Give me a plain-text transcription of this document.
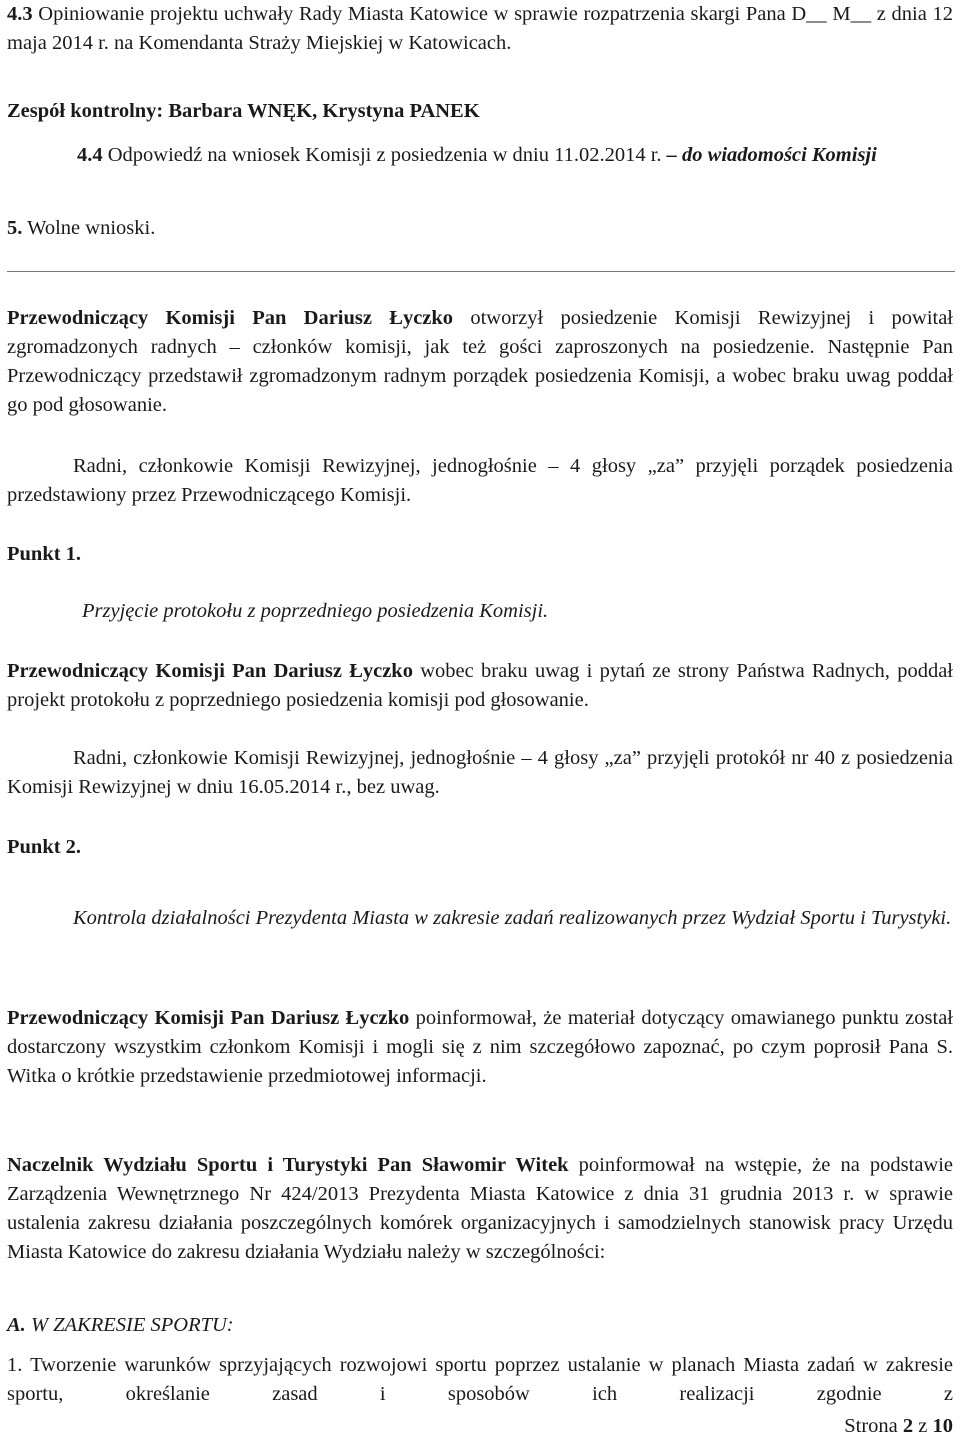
4.3 Opiniowanie projektu uchwały Rady Miasta Katowice w sprawie rozpatrzenia skargi Pana D__ M__ z dnia 12 maja 2014 r. na Komendanta Straży Miejskiej w Katowicach.
Zespół kontrolny: Barbara WNĘK, Krystyna PANEK
4.4 Odpowiedź na wniosek Komisji z posiedzenia w dniu 11.02.2014 r. – do wiadomości Komisji
5. Wolne wnioski.
Przewodniczący Komisji Pan Dariusz Łyczko otworzył posiedzenie Komisji Rewizyjnej i powitał zgromadzonych radnych – członków komisji, jak też gości zaproszonych na posiedzenie. Następnie Pan Przewodniczący przedstawił zgromadzonym radnym porządek posiedzenia Komisji, a wobec braku uwag poddał go pod głosowanie.
Radni, członkowie Komisji Rewizyjnej, jednogłośnie – 4 głosy „za” przyjęli porządek posiedzenia przedstawiony przez Przewodniczącego Komisji.
Punkt 1.
Przyjęcie protokołu z poprzedniego posiedzenia Komisji.
Przewodniczący Komisji Pan Dariusz Łyczko wobec braku uwag i pytań ze strony Państwa Radnych, poddał projekt protokołu z poprzedniego posiedzenia komisji pod głosowanie.
Radni, członkowie Komisji Rewizyjnej, jednogłośnie – 4 głosy „za” przyjęli protokół nr 40 z posiedzenia Komisji Rewizyjnej w dniu 16.05.2014 r., bez uwag.
Punkt 2.
Kontrola działalności Prezydenta Miasta w zakresie zadań realizowanych przez Wydział Sportu i Turystyki.
Przewodniczący Komisji Pan Dariusz Łyczko poinformował, że materiał dotyczący omawianego punktu został dostarczony wszystkim członkom Komisji i mogli się z nim szczegółowo zapoznać, po czym poprosił Pana S. Witka o krótkie przedstawienie przedmiotowej informacji.
Naczelnik Wydziału Sportu i Turystyki Pan Sławomir Witek poinformował na wstępie, że na podstawie Zarządzenia Wewnętrznego Nr 424/2013 Prezydenta Miasta Katowice z dnia 31 grudnia 2013 r. w sprawie ustalenia zakresu działania poszczególnych komórek organizacyjnych i samodzielnych stanowisk pracy Urzędu Miasta Katowice do zakresu działania Wydziału należy w szczególności:
A. W ZAKRESIE SPORTU:
1. Tworzenie warunków sprzyjających rozwojowi sportu poprzez ustalanie w planach Miasta zadań w zakresie sportu, określanie zasad i sposobów ich realizacji zgodnie z
Strona 2 z 10
